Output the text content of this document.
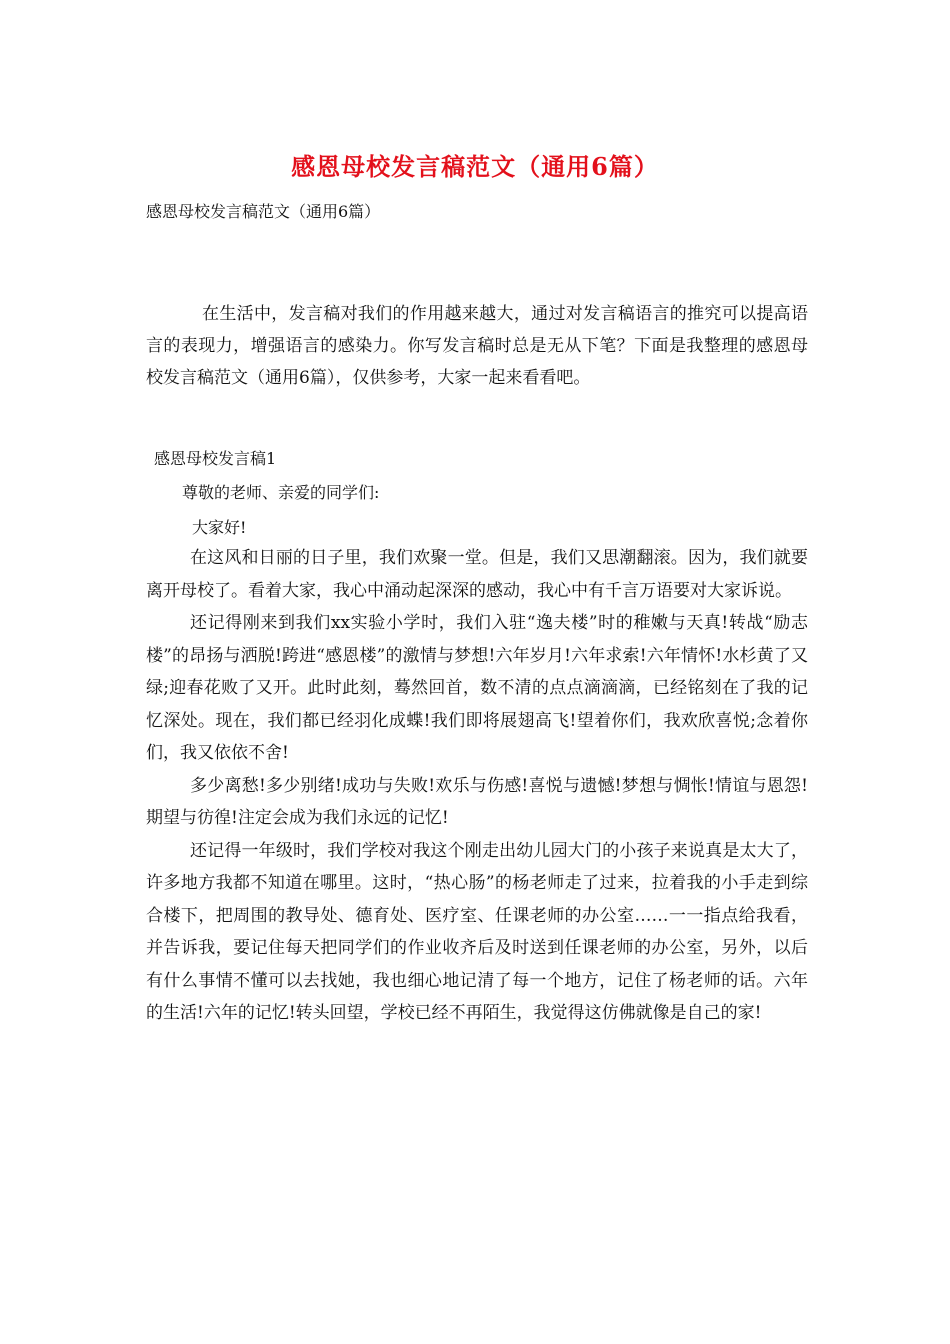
感恩母校发言稿范文（通用6篇）
感恩母校发言稿范文（通用6篇）
在生活中，发言稿对我们的作用越来越大，通过对发言稿语言的推究可以提高语言的表现力，增强语言的感染力。你写发言稿时总是无从下笔？下面是我整理的感恩母校发言稿范文（通用6篇），仅供参考，大家一起来看看吧。
感恩母校发言稿1
尊敬的老师、亲爱的同学们:
大家好!

在这风和日丽的日子里，我们欢聚一堂。但是，我们又思潮翻滚。因为，我们就要离开母校了。看着大家，我心中涌动起深深的感动，我心中有千言万语要对大家诉说。

还记得刚来到我们xx实验小学时，我们入驻“逸夫楼”时的稚嫩与天真!转战“励志楼”的昂扬与洒脱!跨进“感恩楼”的激情与梦想!六年岁月!六年求索!六年情怀!水杉黄了又绿;迎春花败了又开。此时此刻，蓦然回首，数不清的点点滴滴滴，已经铭刻在了我的记忆深处。现在，我们都已经羽化成蝶!我们即将展翅高飞!望着你们，我欢欣喜悦;念着你们，我又依依不舍!

多少离愁!多少别绪!成功与失败!欢乐与伤感!喜悦与遗憾!梦想与惆怅!情谊与恩怨!期望与彷徨!注定会成为我们永远的记忆!

还记得一年级时，我们学校对我这个刚走出幼儿园大门的小孩子来说真是太大了，许多地方我都不知道在哪里。这时，“热心肠”的杨老师走了过来，拉着我的小手走到综合楼下，把周围的教导处、德育处、医疗室、任课老师的办公室……一一指点给我看，并告诉我，要记住每天把同学们的作业收齐后及时送到任课老师的办公室，另外，以后有什么事情不懂可以去找她，我也细心地记清了每一个地方，记住了杨老师的话。六年的生活!六年的记忆!转头回望，学校已经不再陌生，我觉得这仿佛就像是自己的家!
